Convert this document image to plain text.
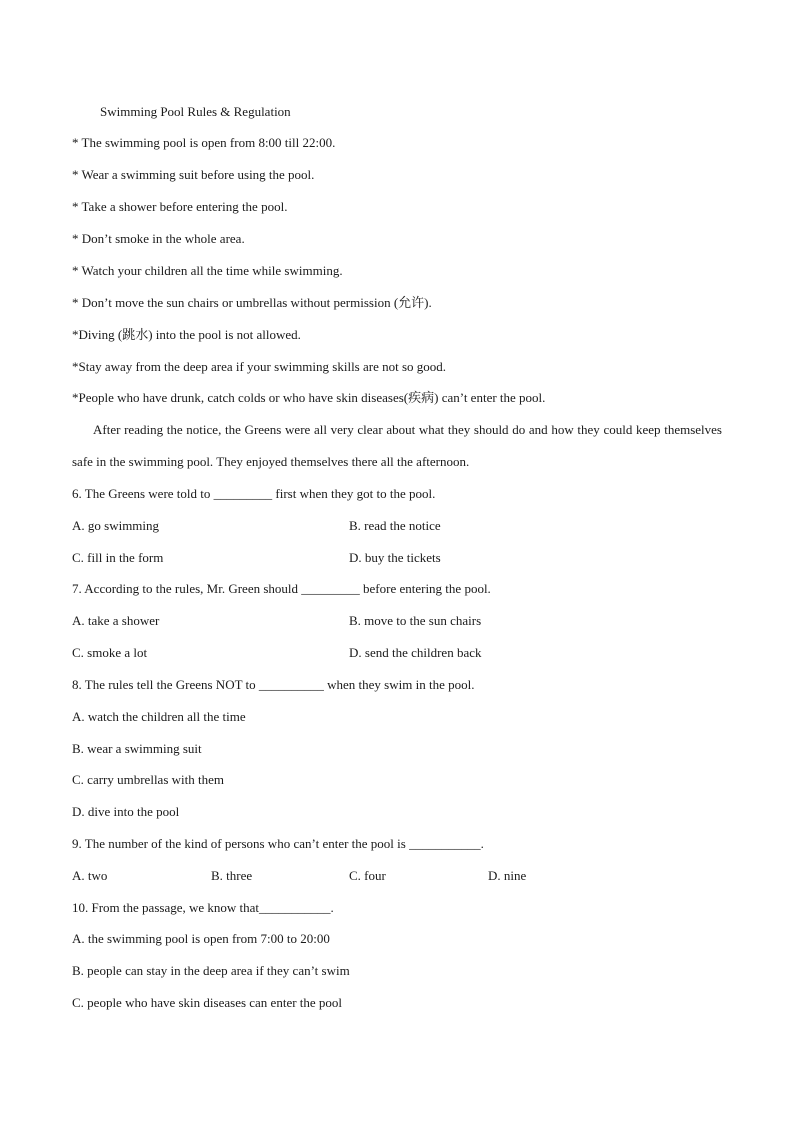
Swimming Pool Rules & Regulation
* The swimming pool is open from 8:00 till 22:00.
* Wear a swimming suit before using the pool.
* Take a shower before entering the pool.
* Don’t smoke in the whole area.
* Watch your children all the time while swimming.
* Don’t move the sun chairs or umbrellas without permission (允许).
*Diving (跳水) into the pool is not allowed.
*Stay away from the deep area if your swimming skills are not so good.
*People who have drunk, catch colds or who have skin diseases(疾病) can’t enter the pool.
After reading the notice, the Greens were all very clear about what they should do and how they could keep themselves safe in the swimming pool. They enjoyed themselves there all the afternoon.
6. The Greens were told to _________ first when they got to the pool.
A. go swimming	B. read the notice
C. fill in the form	D. buy the tickets
7. According to the rules, Mr. Green should _________ before entering the pool.
A. take a shower	B. move to the sun chairs
C. smoke a lot	D. send the children back
8. The rules tell the Greens NOT to __________ when they swim in the pool.
A. watch the children all the time
B. wear a swimming suit
C. carry umbrellas with them
D. dive into the pool
9. The number of the kind of persons who can’t enter the pool is ___________.
A. two	B. three	C. four	D. nine
10. From the passage, we know that___________.
A. the swimming pool is open from 7:00 to 20:00
B. people can stay in the deep area if they can’t swim
C. people who have skin diseases can enter the pool
